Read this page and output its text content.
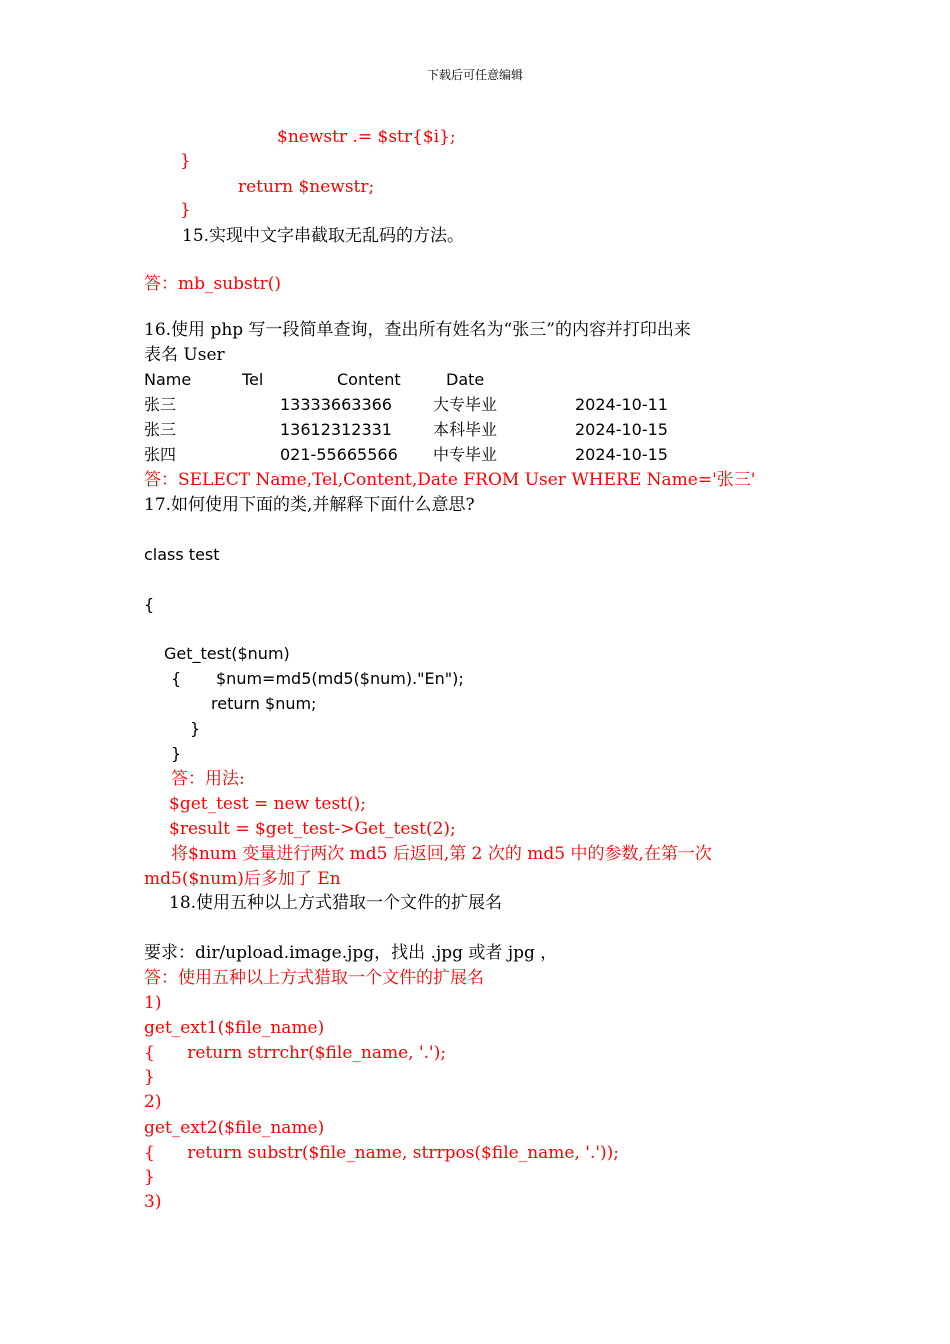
下载后可任意编辑
$newstr .= $str{$i};
}
return $newstr;
}
15.实现中文字串截取无乱码的方法。
答：mb_substr()
16.使用 php 写一段简单查询，查出所有姓名为“张三”的内容并打印出来
表名 User
Name	Tel	Content	Date
张三	13333663366	大专毕业	2024-10-11
张三	13612312331	本科毕业	2024-10-15
张四	021-55665566 中专毕业	2024-10-15
答：SELECT Name,Tel,Content,Date FROM User WHERE Name='张三'
17.如何使用下面的类,并解释下面什么意思?
class test
{
Get_test($num)
{ $num=md5(md5($num)."En");
return $num;
}
}
答：用法:
$get_test = new test();
$result = $get_test->Get_test(2);
将$num 变量进行两次 md5 后返回,第 2 次的 md5 中的参数,在第一次
md5($num)后多加了 En
18.使用五种以上方式猎取一个文件的扩展名
要求：dir/upload.image.jpg，找出 .jpg 或者 jpg ，
答：使用五种以上方式猎取一个文件的扩展名
1)
get_ext1($file_name)
{      return strrchr($file_name, '.');
}
2)
get_ext2($file_name)
{      return substr($file_name, strrpos($file_name, '.'));
}
3)
